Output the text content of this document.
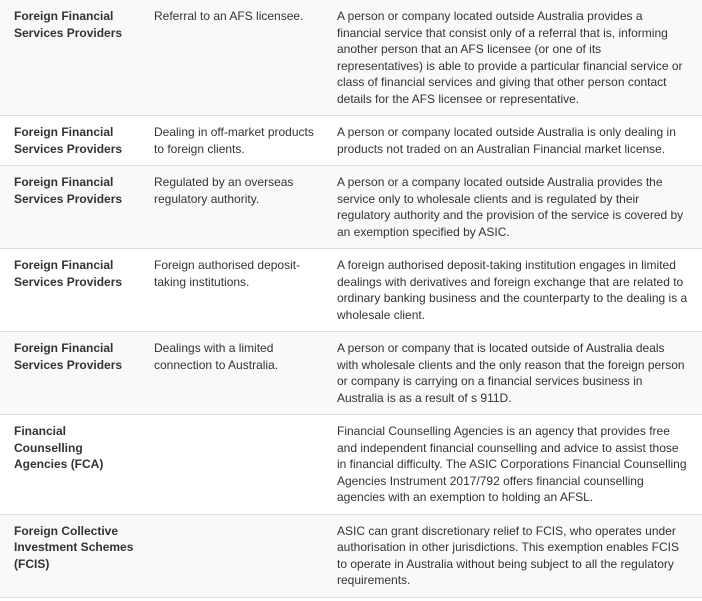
Foreign Financial Services Providers	Referral to an AFS licensee.	A person or company located outside Australia provides a financial service that consist only of a referral that is, informing another person that an AFS licensee (or one of its representatives) is able to provide a particular financial service or class of financial services and giving that other person contact details for the AFS licensee or representative.
Foreign Financial Services Providers	Dealing in off-market products to foreign clients.	A person or company located outside Australia is only dealing in products not traded on an Australian Financial market license.
Foreign Financial Services Providers	Regulated by an overseas regulatory authority.	A person or a company located outside Australia provides the service only to wholesale clients and is regulated by their regulatory authority and the provision of the service is covered by an exemption specified by ASIC.
Foreign Financial Services Providers	Foreign authorised deposit-taking institutions.	A foreign authorised deposit-taking institution engages in limited dealings with derivatives and foreign exchange that are related to ordinary banking business and the counterparty to the dealing is a wholesale client.
Foreign Financial Services Providers	Dealings with a limited connection to Australia.	A person or company that is located outside of Australia deals with wholesale clients and the only reason that the foreign person or company is carrying on a financial services business in Australia is as a result of s 911D.
Financial Counselling Agencies (FCA)		Financial Counselling Agencies is an agency that provides free and independent financial counselling and advice to assist those in financial difficulty. The ASIC Corporations Financial Counselling Agencies Instrument 2017/792 offers financial counselling agencies with an exemption to holding an AFSL.
Foreign Collective Investment Schemes (FCIS)		ASIC can grant discretionary relief to FCIS, who operates under authorisation in other jurisdictions. This exemption enables FCIS to operate in Australia without being subject to all the regulatory requirements.
